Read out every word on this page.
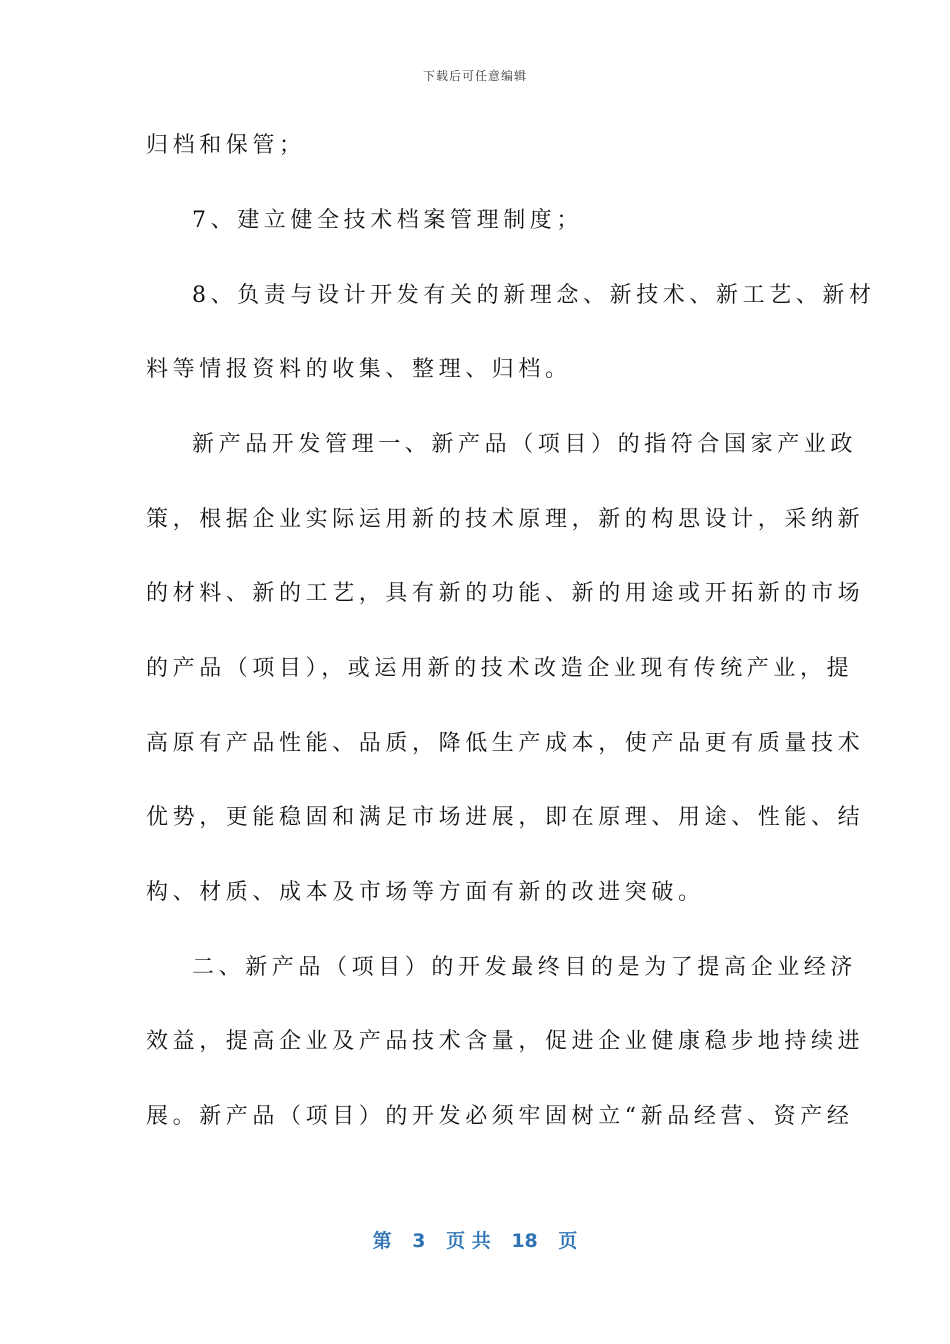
下载后可任意编辑
归档和保管；
7、建立健全技术档案管理制度；
8、负责与设计开发有关的新理念、新技术、新工艺、新材
料等情报资料的收集、整理、归档。
新产品开发管理一、新产品（项目）的指符合国家产业政
策，根据企业实际运用新的技术原理，新的构思设计，采纳新
的材料、新的工艺，具有新的功能、新的用途或开拓新的市场
的产品（项目），或运用新的技术改造企业现有传统产业，提
高原有产品性能、品质，降低生产成本，使产品更有质量技术
优势，更能稳固和满足市场进展，即在原理、用途、性能、结
构、材质、成本及市场等方面有新的改进突破。
二、新产品（项目）的开发最终目的是为了提高企业经济
效益，提高企业及产品技术含量，促进企业健康稳步地持续进
展。新产品（项目）的开发必须牢固树立“新品经营、资产经
第 3 页 共 18 页
